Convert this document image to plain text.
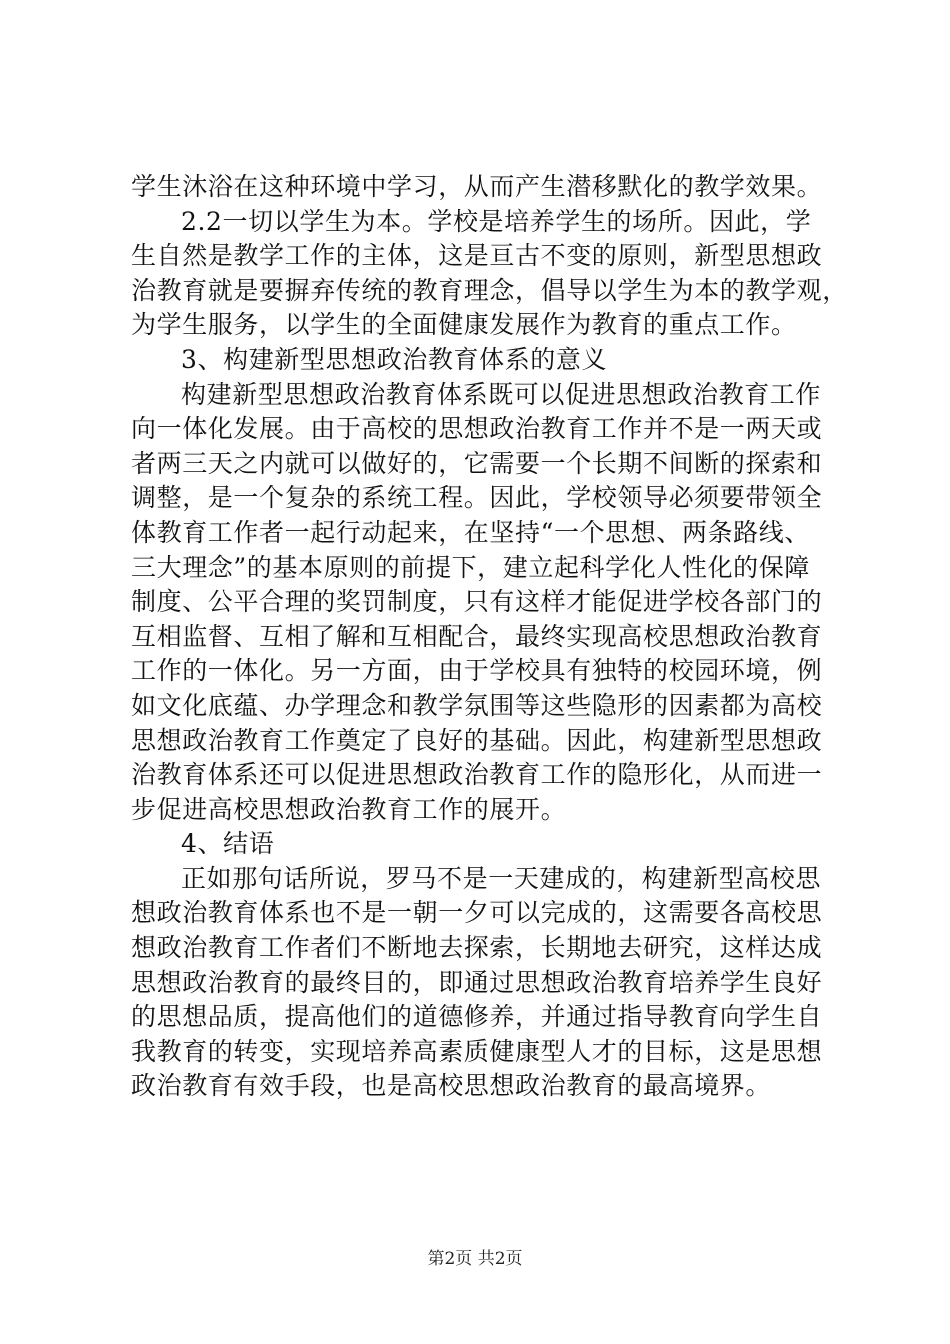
学生沐浴在这种环境中学习，从而产生潜移默化的教学效果。
2.2一切以学生为本。学校是培养学生的场所。因此，学
生自然是教学工作的主体，这是亘古不变的原则，新型思想政
治教育就是要摒弃传统的教育理念，倡导以学生为本的教学观，
为学生服务，以学生的全面健康发展作为教育的重点工作。
3、构建新型思想政治教育体系的意义
构建新型思想政治教育体系既可以促进思想政治教育工作
向一体化发展。由于高校的思想政治教育工作并不是一两天或
者两三天之内就可以做好的，它需要一个长期不间断的探索和
调整，是一个复杂的系统工程。因此，学校领导必须要带领全
体教育工作者一起行动起来，在坚持“一个思想、两条路线、
三大理念”的基本原则的前提下，建立起科学化人性化的保障
制度、公平合理的奖罚制度，只有这样才能促进学校各部门的
互相监督、互相了解和互相配合，最终实现高校思想政治教育
工作的一体化。另一方面，由于学校具有独特的校园环境，例
如文化底蕴、办学理念和教学氛围等这些隐形的因素都为高校
思想政治教育工作奠定了良好的基础。因此，构建新型思想政
治教育体系还可以促进思想政治教育工作的隐形化，从而进一
步促进高校思想政治教育工作的展开。
4、结语
正如那句话所说，罗马不是一天建成的，构建新型高校思
想政治教育体系也不是一朝一夕可以完成的，这需要各高校思
想政治教育工作者们不断地去探索，长期地去研究，这样达成
思想政治教育的最终目的，即通过思想政治教育培养学生良好
的思想品质，提高他们的道德修养，并通过指导教育向学生自
我教育的转变，实现培养高素质健康型人才的目标，这是思想
政治教育有效手段，也是高校思想政治教育的最高境界。
第2页 共2页
